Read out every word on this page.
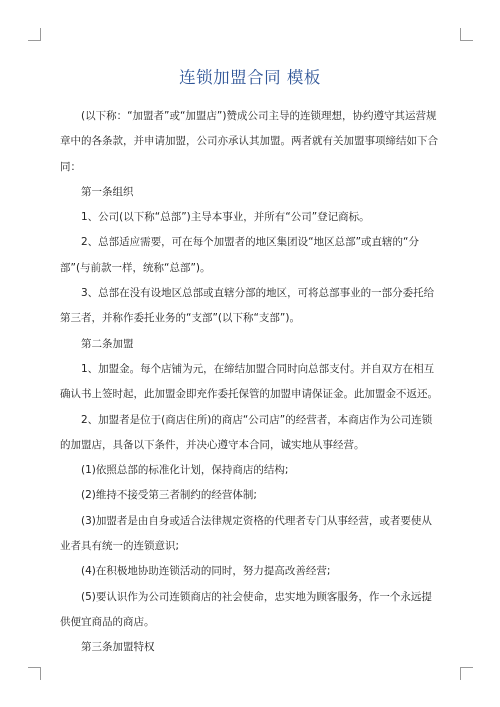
连锁加盟合同 模板

(以下称：“加盟者”或“加盟店”)赞成公司主导的连锁理想，协约遵守其运营规章中的各条款，并申请加盟，公司亦承认其加盟。两者就有关加盟事项缔结如下合同：

第一条组织

1、公司(以下称“总部”)主导本事业，并所有“公司”登记商标。

2、总部适应需要，可在每个加盟者的地区集团设“地区总部”或直辖的“分部”(与前款一样，统称“总部”)。

3、总部在没有设地区总部或直辖分部的地区，可将总部事业的一部分委托给第三者，并称作委托业务的“支部”(以下称“支部”)。

第二条加盟

1、加盟金。每个店铺为元，在缔结加盟合同时向总部支付。并自双方在相互确认书上签时起，此加盟金即充作委托保管的加盟申请保证金。此加盟金不返还。

2、加盟者是位于(商店住所)的商店“公司店”的经营者，本商店作为公司连锁的加盟店，具备以下条件，并决心遵守本合同，诚实地从事经营。

(1)依照总部的标准化计划，保持商店的结构;

(2)维持不接受第三者制约的经营体制;

(3)加盟者是由自身或适合法律规定资格的代理者专门从事经营，或者要使从业者具有统一的连锁意识;

(4)在积极地协助连锁活动的同时，努力提高改善经营;

(5)要认识作为公司连锁商店的社会使命，忠实地为顾客服务，作一个永远提供便宜商品的商店。

第三条加盟特权
